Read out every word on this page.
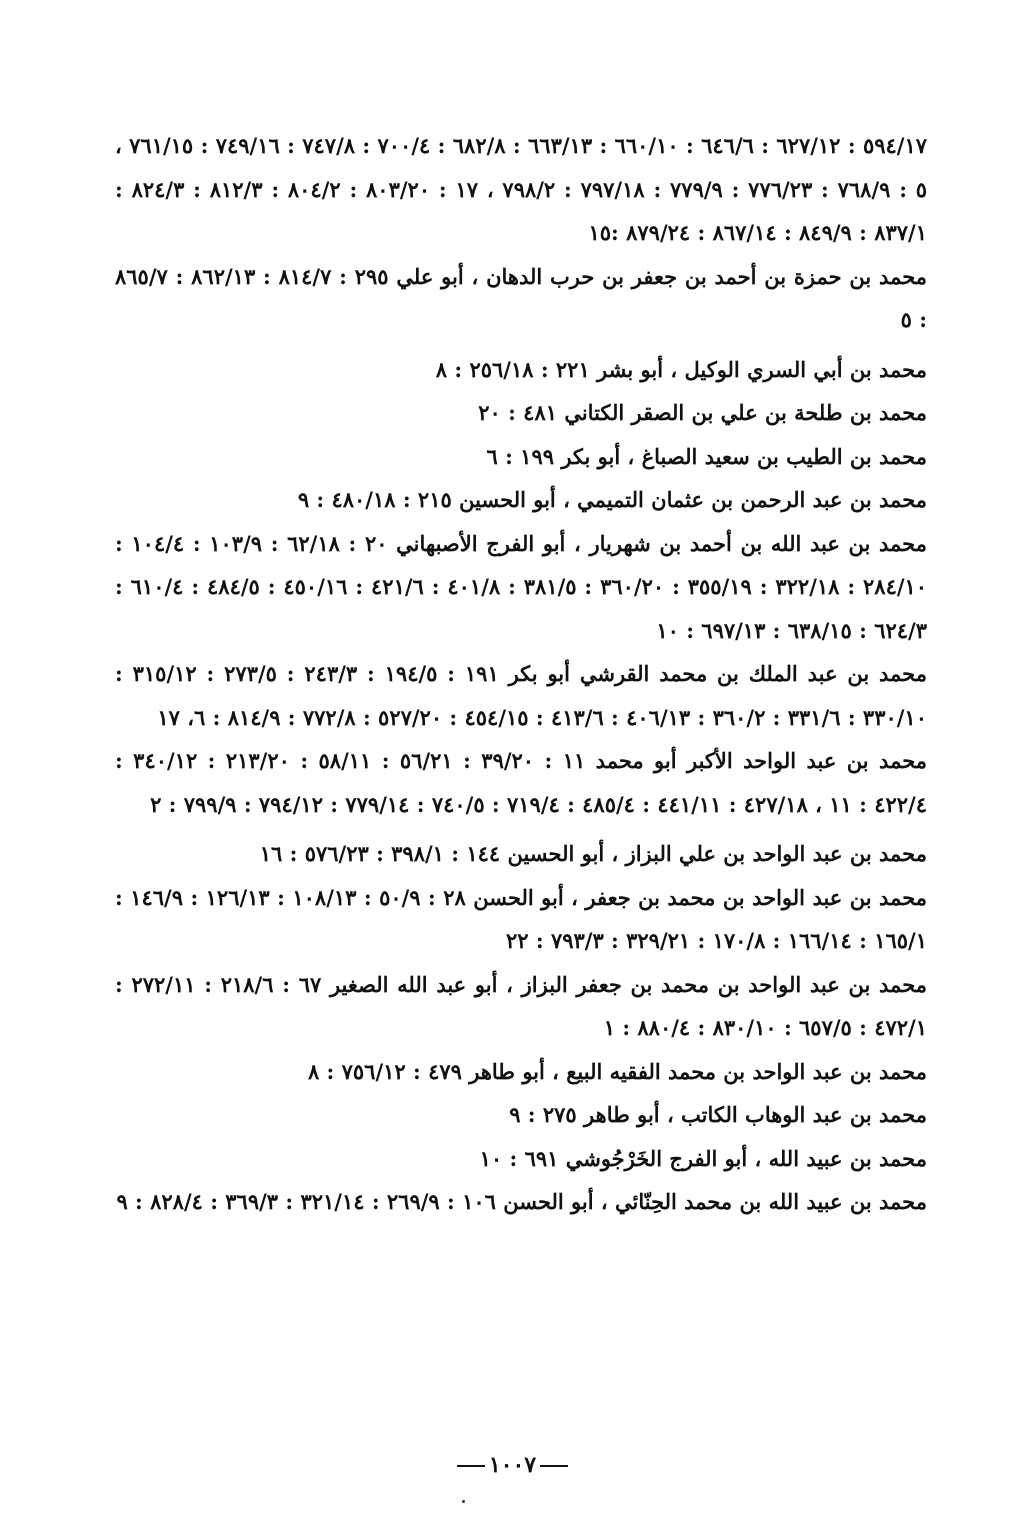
٥٩٤/١٧ : ٦٢٧/١٢ : ٦٤٦/٦ : ٦٦٠/١٠ : ٦٦٣/١٣ : ٦٨٢/٨ : ٧٠٠/٤ : ٧٤٧/٨ : ٧٤٩/١٦ : ٧٦١/١٥ ، ٥ : ٧٦٨/٩ : ٧٧٦/٢٣ : ٧٧٩/٩ : ٧٩٧/١٨ : ٧٩٨/٢ ، ١٧ : ٨٠٣/٢٠ : ٨٠٤/٢ : ٨١٢/٣ : ٨٢٤/٣ : ٨٣٧/١ : ٨٤٩/٩ : ٨٦٧/١٤ : ٨٧٩/٢٤ :١٥

محمد بن حمزة بن أحمد بن جعفر بن حرب الدهان ، أبو علي ٢٩٥ : ٨١٤/٧ : ٨٦٢/١٣ : ٨٦٥/٧ : ٥

محمد بن أبي السري الوكيل ، أبو بشر ٢٢١ : ٢٥٦/١٨ : ٨

محمد بن طلحة بن علي بن الصقر الكتاني ٤٨١ : ٢٠

محمد بن الطيب بن سعيد الصباغ ، أبو بكر ١٩٩ : ٦

محمد بن عبد الرحمن بن عثمان التميمي ، أبو الحسين ٢١٥ : ٤٨٠/١٨ : ٩

محمد بن عبد الله بن أحمد بن شهريار ، أبو الفرج الأصبهاني ٢٠ : ٦٢/١٨ : ١٠٣/٩ : ١٠٤/٤ : ٢٨٤/١٠ : ٣٢٢/١٨ : ٣٥٥/١٩ : ٣٦٠/٢٠ : ٣٨١/٥ : ٤٠١/٨ : ٤٢١/٦ : ٤٥٠/١٦ : ٤٨٤/٥ : ٦١٠/٤ : ٦٢٤/٣ : ٦٣٨/١٥ : ٦٩٧/١٣ : ١٠

محمد بن عبد الملك بن محمد القرشي أبو بكر ١٩١ : ١٩٤/٥ : ٢٤٣/٣ : ٢٧٣/٥ : ٣١٥/١٢ : ٣٣٠/١٠ : ٣٣١/٦ : ٣٦٠/٢ : ٤٠٦/١٣ : ٤١٣/٦ : ٤٥٤/١٥ : ٥٢٧/٢٠ : ٧٧٢/٨ : ٨١٤/٩ : ٦، ١٧

محمد بن عبد الواحد الأكبر أبو محمد ١١ : ٣٩/٢٠ : ٥٦/٢١ : ٥٨/١١ : ٢١٣/٢٠ : ٣٤٠/١٢ : ٤٢٢/٤ : ١١ ، ٤٢٧/١٨ : ٤٤١/١١ : ٤٨٥/٤ : ٧١٩/٤ : ٧٤٠/٥ : ٧٧٩/١٤ : ٧٩٤/١٢ : ٧٩٩/٩ : ٢

محمد بن عبد الواحد بن علي البزاز ، أبو الحسين ١٤٤ : ٣٩٨/١ : ٥٧٦/٢٣ : ١٦

محمد بن عبد الواحد بن محمد بن جعفر ، أبو الحسن ٢٨ : ٥٠/٩ : ١٠٨/١٣ : ١٢٦/١٣ : ١٤٦/٩ : ١٦٥/١ : ١٦٦/١٤ : ١٧٠/٨ : ٣٢٩/٢١ : ٧٩٣/٣ : ٢٢

محمد بن عبد الواحد بن محمد بن جعفر البزاز ، أبو عبد الله الصغير ٦٧ : ٢١٨/٦ : ٢٧٢/١١ : ٤٧٢/١ : ٦٥٧/٥ : ٨٣٠/١٠ : ٨٨٠/٤ : ١

محمد بن عبد الواحد بن محمد الفقيه البيع ، أبو طاهر ٤٧٩ : ٧٥٦/١٢ : ٨

محمد بن عبد الوهاب الكاتب ، أبو طاهر ٢٧٥ : ٩

محمد بن عبيد الله ، أبو الفرج الخَرْجُوشي ٦٩١ : ١٠

محمد بن عبيد الله بن محمد الحِنّائي ، أبو الحسن ١٠٦ : ٢٦٩/٩ : ٣٢١/١٤ : ٣٦٩/٣ : ٨٢٨/٤ : ٩

١٠٠٧
